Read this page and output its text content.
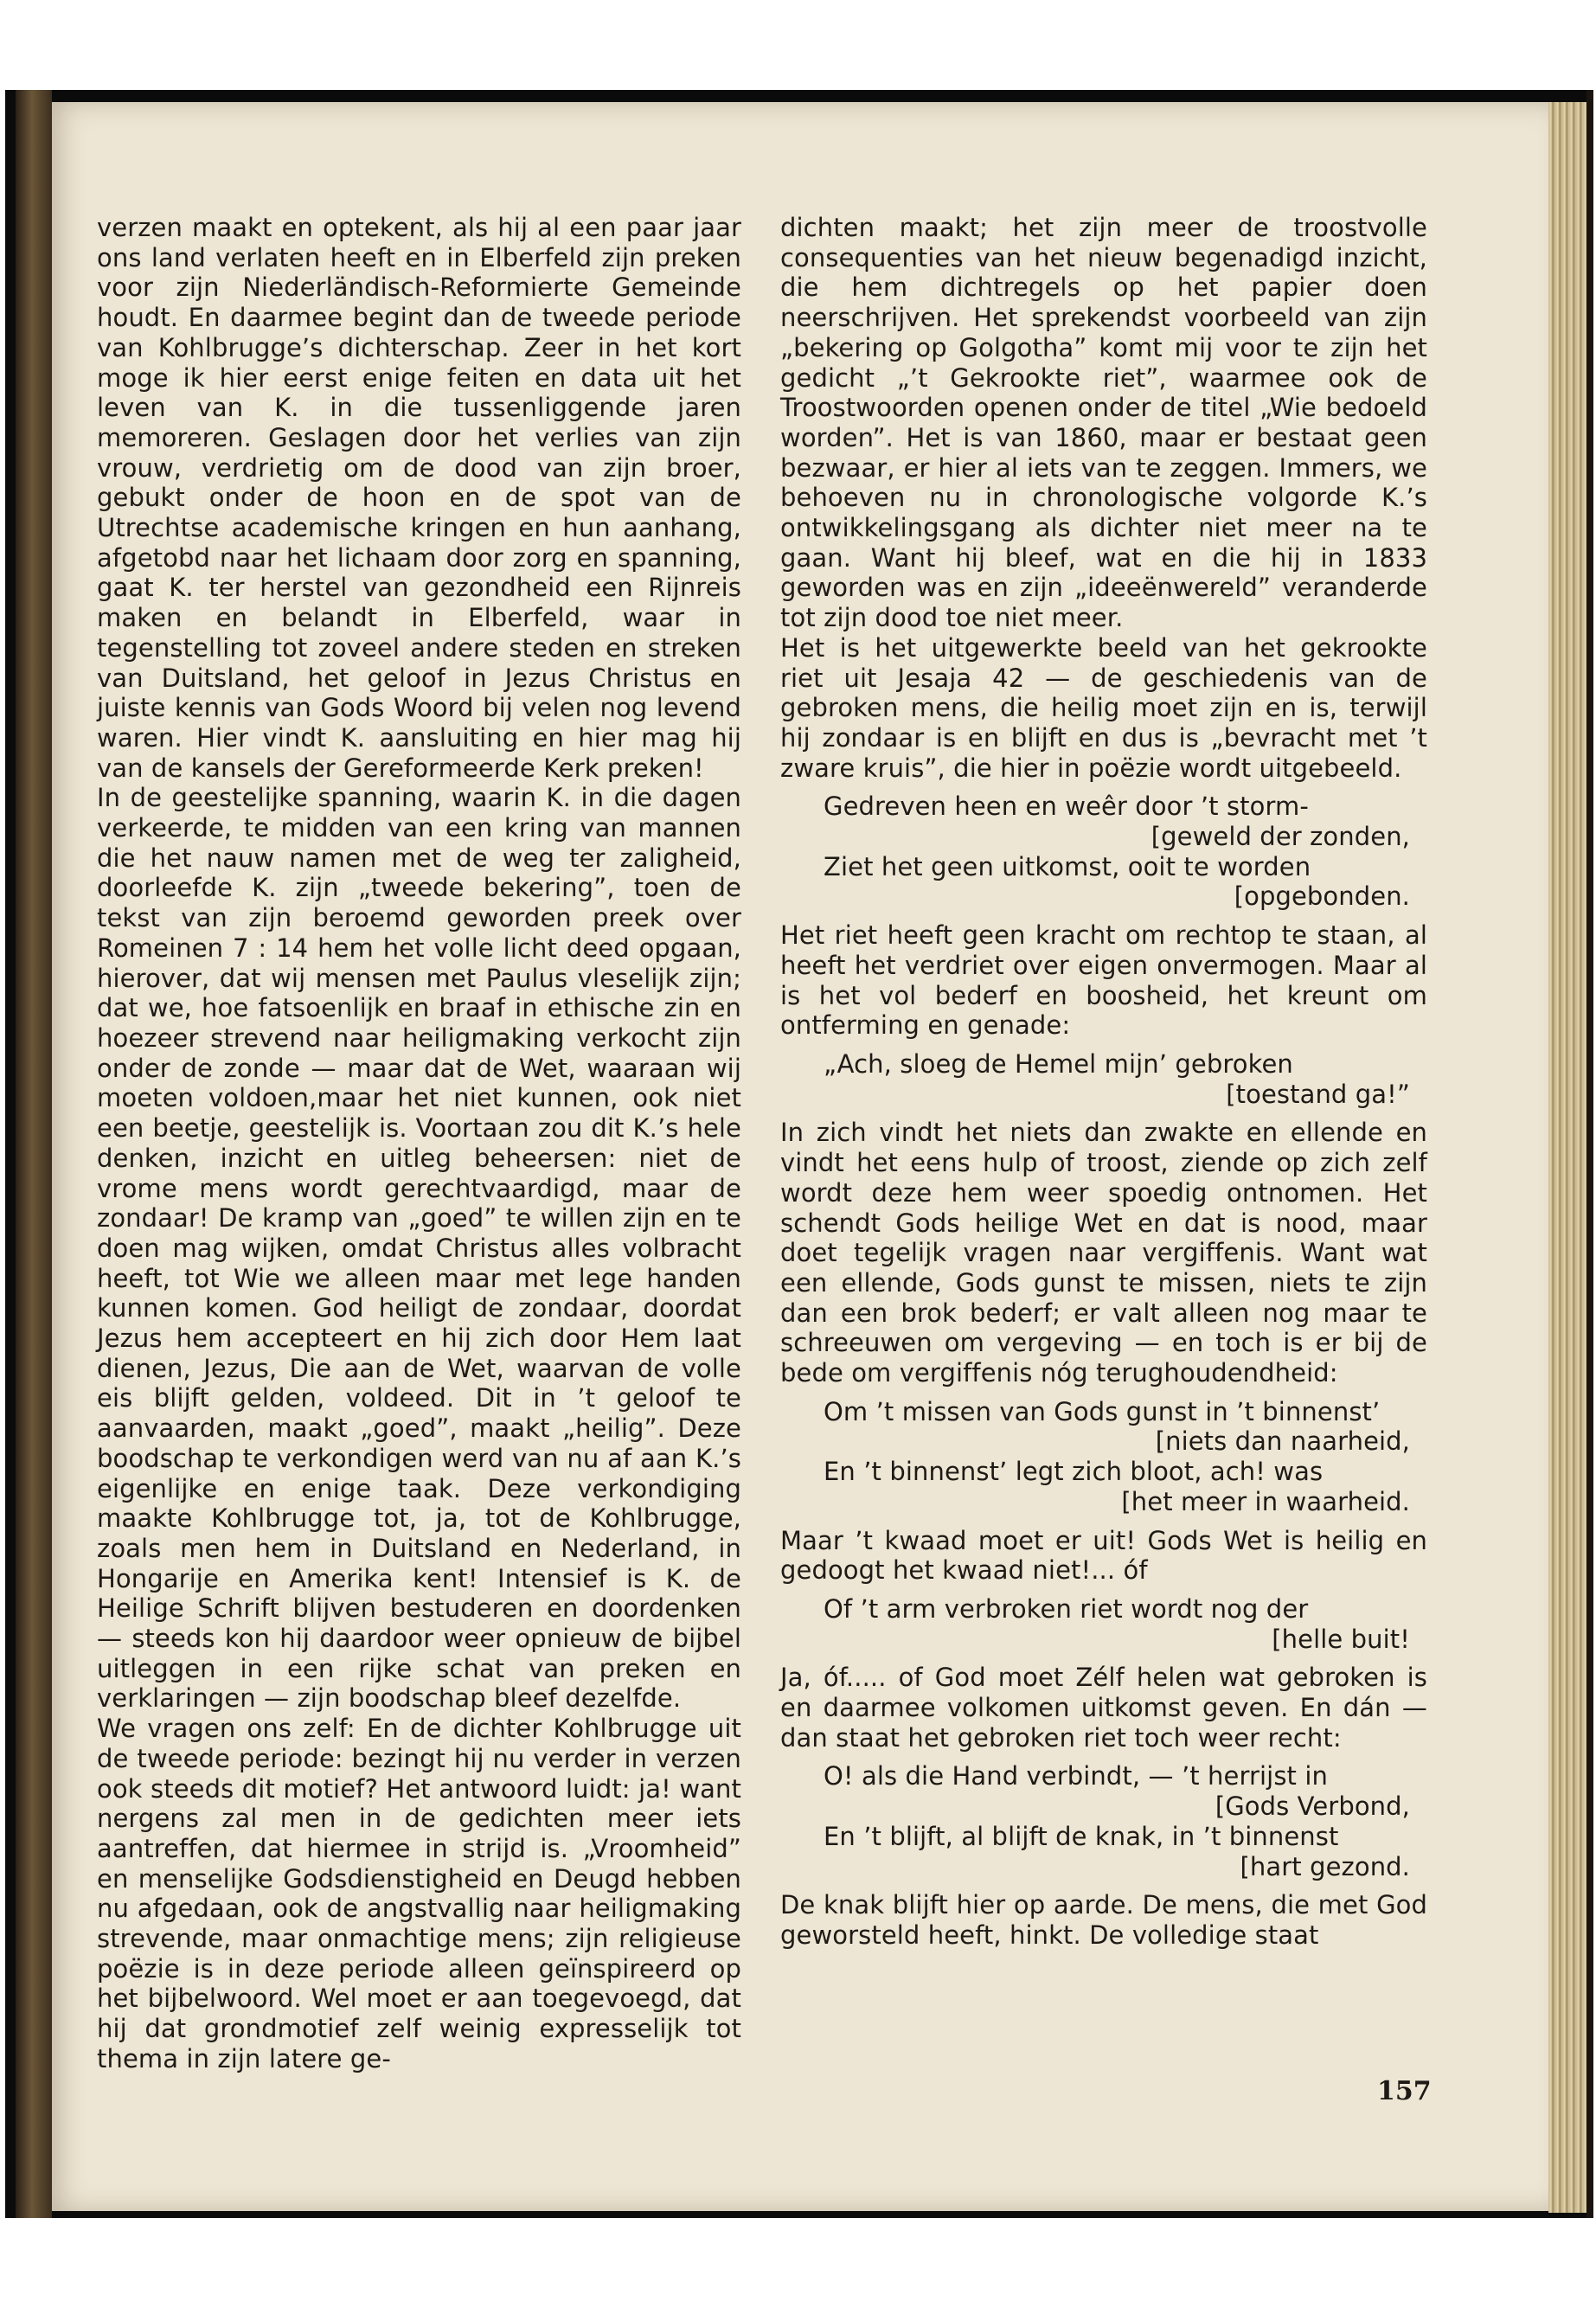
verzen maakt en optekent, als hij al een paar jaar ons land verlaten heeft en in Elberfeld zijn preken voor zijn Niederländisch-Reformierte Gemeinde houdt. En daarmee begint dan de tweede periode van Kohlbrugge’s dichterschap. Zeer in het kort moge ik hier eerst enige feiten en data uit het leven van K. in die tussenliggende jaren memoreren. Geslagen door het verlies van zijn vrouw, verdrietig om de dood van zijn broer, gebukt onder de hoon en de spot van de Utrechtse academische kringen en hun aanhang, afgetobd naar het lichaam door zorg en spanning, gaat K. ter herstel van gezondheid een Rijnreis maken en belandt in Elberfeld, waar in tegenstelling tot zoveel andere steden en streken van Duitsland, het geloof in Jezus Christus en juiste kennis van Gods Woord bij velen nog levend waren. Hier vindt K. aansluiting en hier mag hij van de kansels der Gereformeerde Kerk preken!

In de geestelijke spanning, waarin K. in die dagen verkeerde, te midden van een kring van mannen die het nauw namen met de weg ter zaligheid, doorleefde K. zijn „tweede bekering”, toen de tekst van zijn beroemd geworden preek over Romeinen 7 : 14 hem het volle licht deed opgaan, hierover, dat wij mensen met Paulus vleselijk zijn; dat we, hoe fatsoenlijk en braaf in ethische zin en hoezeer strevend naar heiligmaking verkocht zijn onder de zonde — maar dat de Wet, waaraan wij moeten voldoen,maar het niet kunnen, ook niet een beetje, geestelijk is. Voortaan zou dit K.’s hele denken, inzicht en uitleg beheersen: niet de vrome mens wordt gerechtvaardigd, maar de zondaar! De kramp van „goed” te willen zijn en te doen mag wijken, omdat Christus alles volbracht heeft, tot Wie we alleen maar met lege handen kunnen komen. God heiligt de zondaar, doordat Jezus hem accepteert en hij zich door Hem laat dienen, Jezus, Die aan de Wet, waarvan de volle eis blijft gelden, voldeed. Dit in ’t geloof te aanvaarden, maakt „goed”, maakt „heilig”. Deze boodschap te verkondigen werd van nu af aan K.’s eigenlijke en enige taak. Deze verkondiging maakte Kohlbrugge tot, ja, tot de Kohlbrugge, zoals men hem in Duitsland en Nederland, in Hongarije en Amerika kent! Intensief is K. de Heilige Schrift blijven bestuderen en doordenken — steeds kon hij daardoor weer opnieuw de bijbel uitleggen in een rijke schat van preken en verklaringen — zijn boodschap bleef dezelfde.

We vragen ons zelf: En de dichter Kohlbrugge uit de tweede periode: bezingt hij nu verder in verzen ook steeds dit motief? Het antwoord luidt: ja! want nergens zal men in de gedichten meer iets aantreffen, dat hiermee in strijd is. „Vroomheid” en menselijke Godsdienstigheid en Deugd hebben nu afgedaan, ook de angstvallig naar heiligmaking strevende, maar onmachtige mens; zijn religieuse poëzie is in deze periode alleen geïnspireerd op het bijbelwoord. Wel moet er aan toegevoegd, dat hij dat grondmotief zelf weinig expresselijk tot thema in zijn latere ge-

dichten maakt; het zijn meer de troostvolle consequenties van het nieuw begenadigd inzicht, die hem dichtregels op het papier doen neerschrijven. Het sprekendst voorbeeld van zijn „bekering op Golgotha” komt mij voor te zijn het gedicht „’t Gekrookte riet”, waarmee ook de Troostwoorden openen onder de titel „Wie bedoeld worden”. Het is van 1860, maar er bestaat geen bezwaar, er hier al iets van te zeggen. Immers, we behoeven nu in chronologische volgorde K.’s ontwikkelingsgang als dichter niet meer na te gaan. Want hij bleef, wat en die hij in 1833 geworden was en zijn „ideeënwereld” veranderde tot zijn dood toe niet meer.

Het is het uitgewerkte beeld van het gekrookte riet uit Jesaja 42 — de geschiedenis van de gebroken mens, die heilig moet zijn en is, terwijl hij zondaar is en blijft en dus is „bevracht met ’t zware kruis”, die hier in poëzie wordt uitgebeeld.

Gedreven heen en weêr door ’t storm-
[geweld der zonden,
Ziet het geen uitkomst, ooit te worden
[opgebonden.

Het riet heeft geen kracht om rechtop te staan, al heeft het verdriet over eigen onvermogen. Maar al is het vol bederf en boosheid, het kreunt om ontferming en genade:

„Ach, sloeg de Hemel mijn’ gebroken
[toestand ga!”

In zich vindt het niets dan zwakte en ellende en vindt het eens hulp of troost, ziende op zich zelf wordt deze hem weer spoedig ontnomen. Het schendt Gods heilige Wet en dat is nood, maar doet tegelijk vragen naar vergiffenis. Want wat een ellende, Gods gunst te missen, niets te zijn dan een brok bederf; er valt alleen nog maar te schreeuwen om vergeving — en toch is er bij de bede om vergiffenis nóg terughoudendheid:

Om ’t missen van Gods gunst in ’t binnenst’
[niets dan naarheid,
En ’t binnenst’ legt zich bloot, ach! was
[het meer in waarheid.

Maar ’t kwaad moet er uit! Gods Wet is heilig en gedoogt het kwaad niet!... óf

Of ’t arm verbroken riet wordt nog der
[helle buit!

Ja, óf..... of God moet Zélf helen wat gebroken is en daarmee volkomen uitkomst geven. En dán — dan staat het gebroken riet toch weer recht:

O! als die Hand verbindt, — ’t herrijst in
[Gods Verbond,
En ’t blijft, al blijft de knak, in ’t binnenst
[hart gezond.

De knak blijft hier op aarde. De mens, die met God geworsteld heeft, hinkt. De volledige staat

157
